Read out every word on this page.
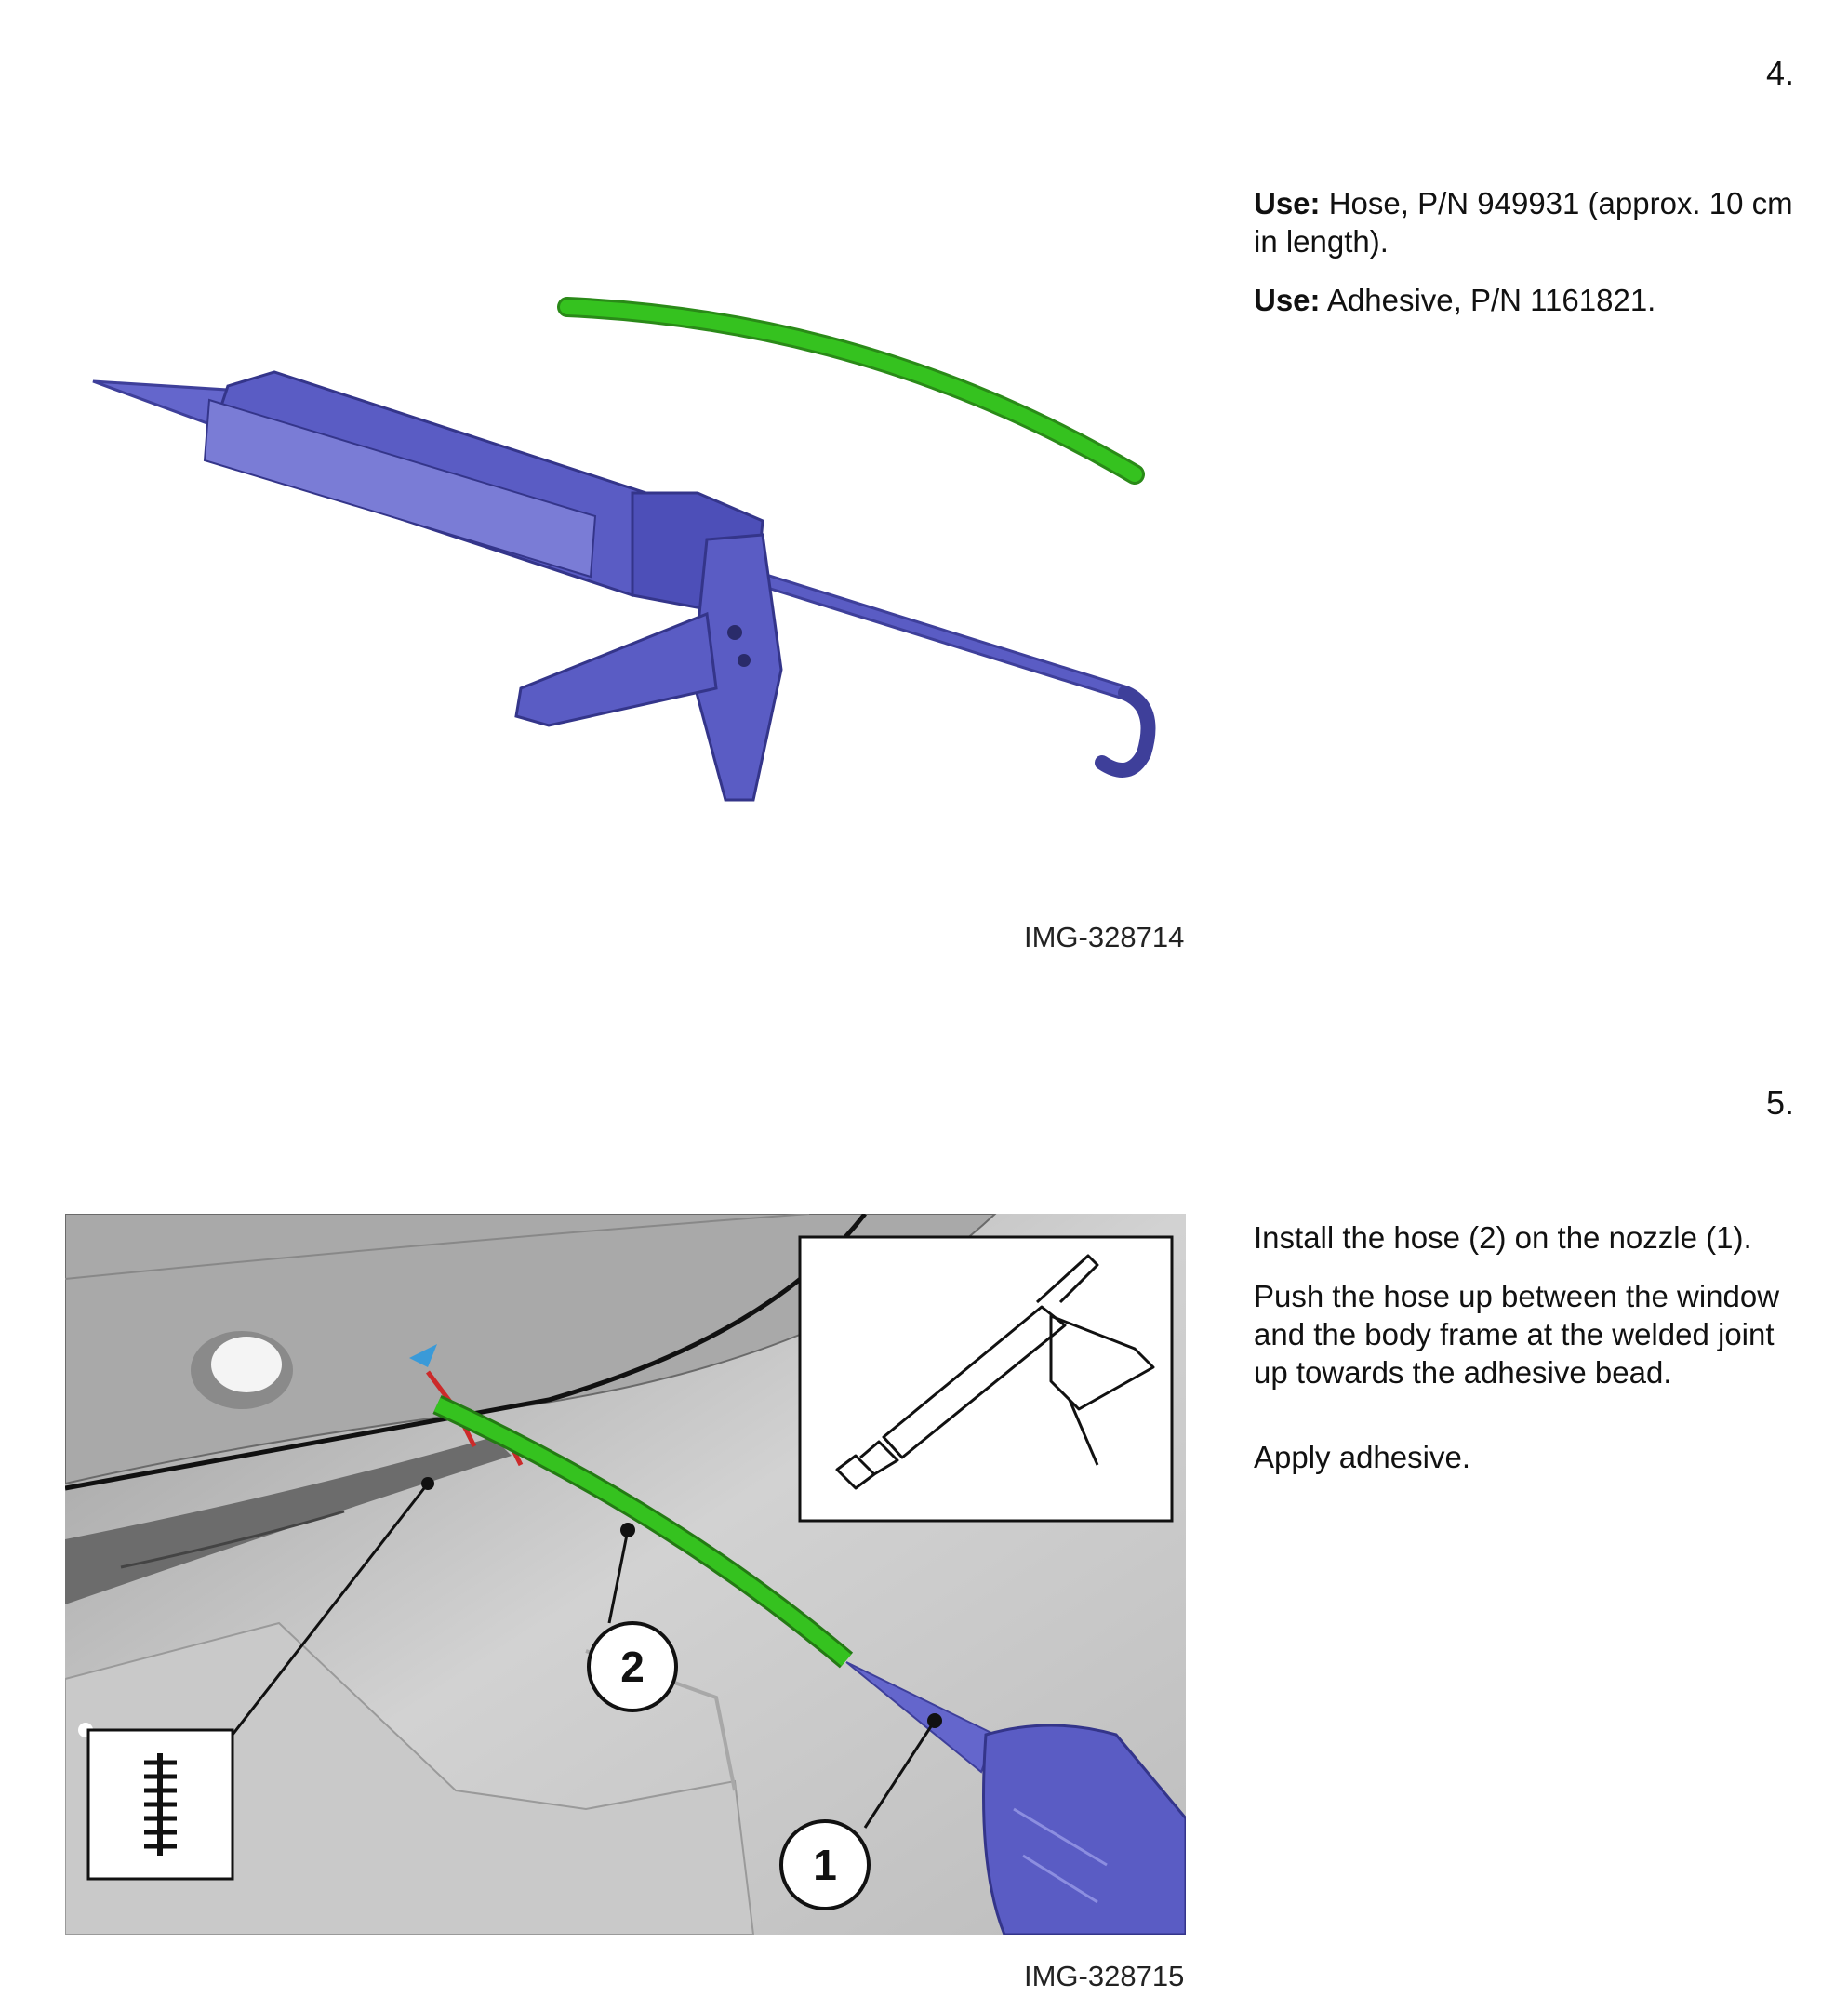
4.

Use: Hose, P/N 949931 (approx. 10 cm in length).

Use: Adhesive, P/N 1161821.

IMG-328714
5.

Install the hose (2) on the nozzle (1).

Push the hose up between the window and the body frame at the welded joint up towards the adhesive bead.

Apply adhesive.

2
1
IMG-328715
